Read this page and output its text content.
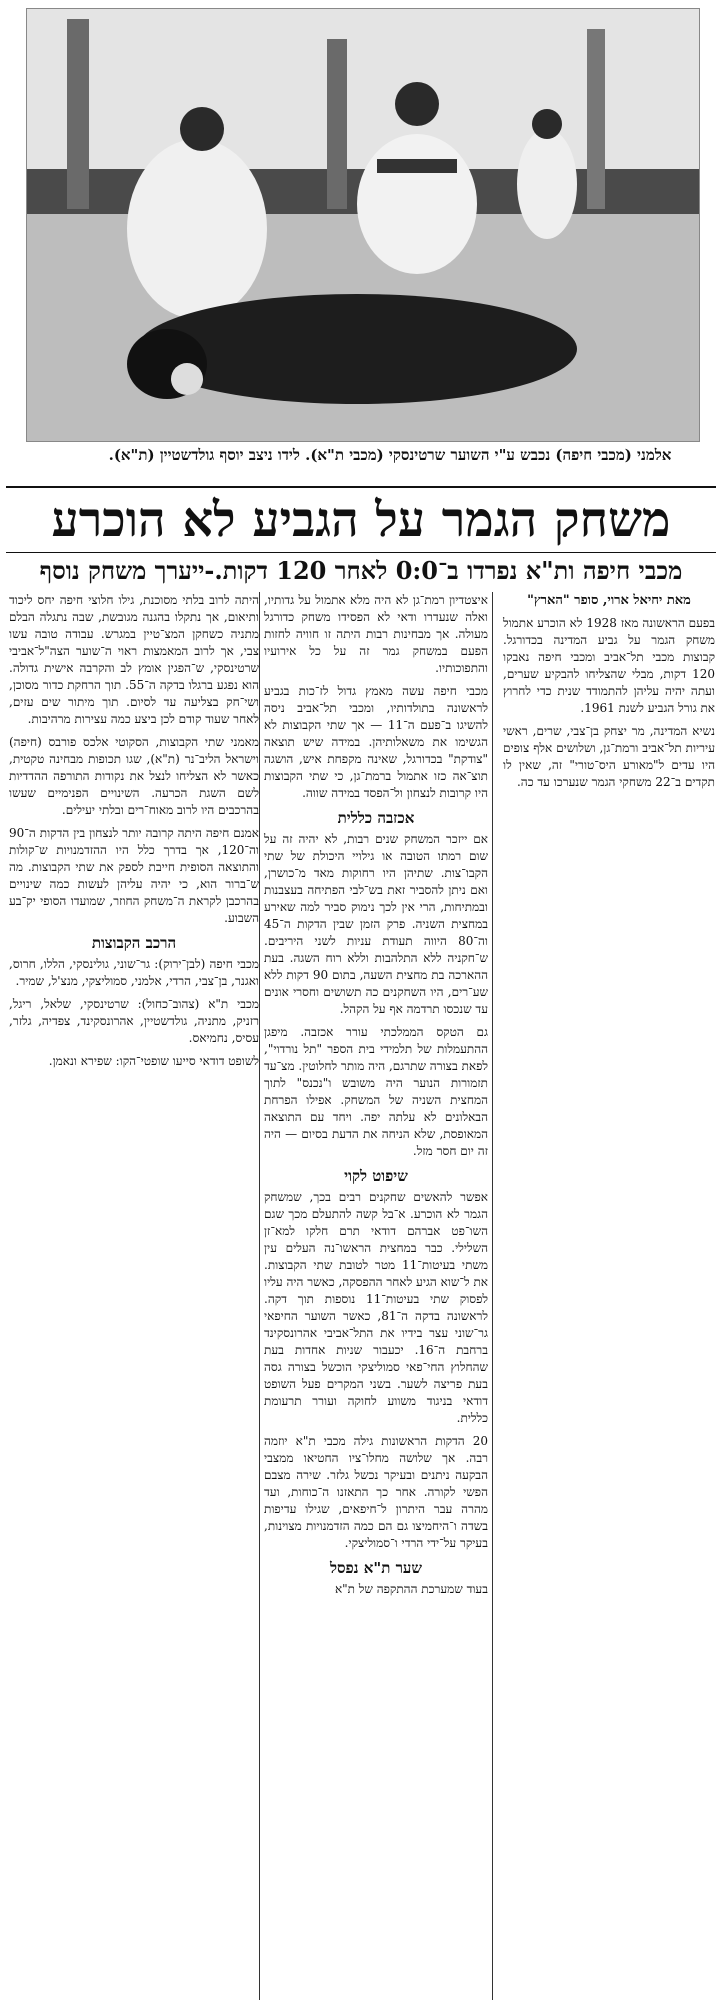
אלמני (מכבי חיפה) נכבש ע"י השוער שרטינסקי (מכבי ת"א). לידו ניצב יוסף גולדשטיין (ת"א).
משחק הגמר על הגביע לא הוכרע
מכבי חיפה ות"א נפרדו ב־0:0 לאחר 120 דקות.-ייערך משחק נוסף
מאת יחיאל ארוי, סופר "הארץ"

בפעם הראשונה מאז 1928 לא הוכרע אתמול משחק הגמר על גביע המדינה בכדורגל. קבוצות מכבי תל־אביב ומכבי חיפה נאבקו 120 דקות, מבלי שהצליחו להבקיע שערים, ועתה יהיה עליהן להתמודד שנית כדי לחרוץ את גורל הגביע לשנת 1961.

נשיא המדינה, מר יצחק בן־צבי, שרים, ראשי עיריות תל־אביב ורמת־גן, ושלושים אלף צופים היו עדים ל"מאורע היס־טורי" זה, שאין לו תקדים ב־22 משחקי הגמר שנערכו עד כה.

איצטדיון רמת־גן לא היה מלא אתמול על גדותיו, ואלה שנעדרו ודאי לא הפסידו משחק כדורגל מעולה. אך מבחינות רבות היתה זו חוויה לחזות הפעם במשחק גמר זה על כל אירועיו והתפוכותיו.

מכבי חיפה עשה מאמץ גדול לז־כות בגביע לראשונה בתולדותיו, ומכבי תל־אביב ניסה להשיגו ב־פעם ה־11 — אך שתי הקבוצות לא הגשימו את משאלותיהן. במידה שיש תוצאה "צודקת" בכדורגל, שאינה מקפחת איש, הושגה תוצ־אה כזו אתמול ברמת־גן, כי שתי הקבוצות היו קרובות לנצחון ול־הפסד במידה שווה.

אכזבה כללית

אם ייזכר המשחק שנים רבות, לא יהיה זה על שום רמתו הטובה או גילויי היכולת של שתי הקבו־צות. שתיהן היו רחוקות מאד מ־כושרן, ואם ניתן להסביר זאת בש־לבי הפתיחה בעצבנות ובמתיחות, הרי אין לכך נימוק סביר למה שאירע במחצית השניה. פרק הזמן שבין הדקות ה־45 וה־80 היווה תעודת עניות לשני היריבים. ש־חקניה ללא התלהבות וללא רוח השגה. בעת ההארכה בת מחצית השעה, בתום 90 דקות ללא שע־רים, היו השחקנים כה תשושים וחסרי אונים עד שנכסו תרדמה אף על הקהל.

גם הטקס הממלכתי עורר אכזבה. מיפגן ההתעמלות של תלמידי בית הספר "תל נורדוי", לפאת בצורה שתרגם, היה מותר לחלוטין. מצ־עד תזמורות הנוער היה משובש ו"נכנס" לתוך המחצית השניה של המשחק. אפילו הפרחת הבאלונים לא עלתה יפה. ויחד עם התוצאה המאופסת, שלא הניחה את הדעת בסיום — היה זה יום חסר מזל.

שיפוט לקוי

אפשר להאשים שחקנים רבים בכך, שמשחק הגמר לא הוכרע. א־בל קשה להתעלם מכך שגם השו־פט אברהם דודאי תרם חלקו למא־זן השלילי. כבר במחצית הראשו־נה העלים עין משתי בעיטות־11 מטר לטובת שתי הקבוצות. את ל־שוא הגיע לאחר ההפסקה, כאשר היה עליו לפסוק שתי בעיטות־11 נוספות תוך דקה. לראשונה בדקה ה־81, כאשר השוער החיפאי גר־שוני עצר בידיו את התל־אביבי אהרונסקינד ברחבת ה־16. יכעבור שניות אחדות בעת שהחלוץ החי־פאי סמוליצקי הוכשל בצורה גסה בעת פריצה לשער. בשני המקרים פעל השופט דודאי בניגוד משווע לחוקה ועורר תרעומת כללית.

20 הדקות הראשונות גילה מכבי ת"א יוזמה רבה. אך שלושה מחלו־ציו החטיאו ממצבי הבקעה ניתנים ובעיקר נכשל גלזר. שירה מצבם הפשי לקורה. אחר כך התאזנו ה־כוחות, ועד מהרה עבר היתרון ל־חיפאים, שגילו עדיפות בשדה ו־היחמיצו גם הם כמה הזדמנויות מצוינות, בעיקר על־ידי הרדי ו־סמוליצקי.

שער ת"א נפסל

בעוד שמערכת ההתקפה של ת"א

היתה לרוב בלתי מסוכנת, גילו חלוצי חיפה יחס ליכוד ותיאום, אך נתקלו בהגנה מגובשת, שבה נתגלה הבלם מתניה כשחקן המצ־טיין במגרש. עבודה טובה עשו צבי, אך לרוב המאמצות ראוי ה־שוער הצה"ל־אביבי שרטינסקי, ש־הפגין אומץ לב והקרבה אישית גדולה. הוא נפגע ברגלו בדקה ה־55. תוך הרחקת כדור מסוכן, ושי־חק בצליעה עד לסיום. תוך מיתור שים עזים, לאחר שעוד קודם לכן ביצע כמה עצירות מרהיבות.

מאמני שתי הקבוצות, הסקוטי אלכס פורבס (חיפה) וישראל הליב־נר (ת"א), שגו תכופות מבחינה טקטית, כאשר לא הצליחו לנצל את נקודות התורפה ההדדיות לשם השגת הכרעה. השינויים הפנימיים שעשו בהרכבים היו לרוב מאוח־רים ובלתי יעילים.

אמנם חיפה היתה קרובה יותר לנצחון בין הדקות ה־90 וה־120, אך בדרך כלל היו ההזדמנויות ש־קולות והתוצאה הסופית חייבת לספק את שתי הקבוצות. מה ש־ברור הוא, כי יהיה עליהן לעשות כמה שינויים בהרכבן לקראת ה־משחק החוזר, שמועדו הסופי יק־בע השבוע.

הרכב הקבוצות

מכבי חיפה (לבן־ירוק): גר־שוני, גולינסקי, הללו, חרוס, ואגנר, בן־צבי, הרדי, אלמני, סמוליצקי, מנצ'ל, שמיר.

מכבי ת"א (צהוב־כחול): שרטינסקי, שלאל, ריגל, רזניק, מתניה, גולדשטיין, אהרונסקינד, צפדיה, גלזר, עסיס, נחמיאס.

לשופט דודאי סייעו שופטי־הקו: שפירא ונאמן.
